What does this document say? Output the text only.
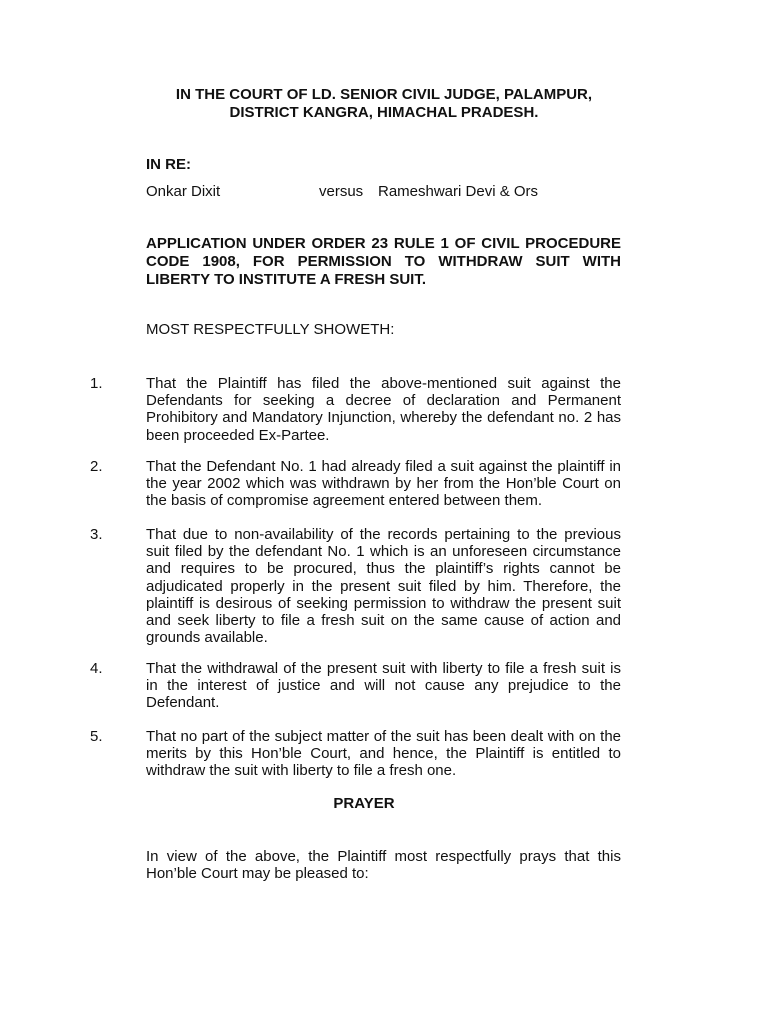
IN THE COURT OF LD. SENIOR CIVIL JUDGE, PALAMPUR,
DISTRICT KANGRA, HIMACHAL PRADESH.
IN RE:
Onkar Dixit	versus Rameshwari Devi & Ors
APPLICATION UNDER ORDER 23 RULE 1 OF CIVIL PROCEDURE CODE 1908, FOR PERMISSION TO WITHDRAW SUIT WITH LIBERTY TO INSTITUTE A FRESH SUIT.
MOST RESPECTFULLY SHOWETH:
1.	That the Plaintiff has filed the above-mentioned suit against the Defendants for seeking a decree of declaration and Permanent Prohibitory and Mandatory Injunction, whereby the defendant no. 2 has been proceeded Ex-Partee.
2.	That the Defendant No. 1 had already filed a suit against the plaintiff in the year 2002 which was withdrawn by her from the Hon’ble Court on the basis of compromise agreement entered between them.
3.	That due to non-availability of the records pertaining to the previous suit filed by the defendant No. 1 which is an unforeseen circumstance and requires to be procured, thus the plaintiff’s rights cannot be adjudicated properly in the present suit filed by him. Therefore, the plaintiff is desirous of seeking permission to withdraw the present suit and seek liberty to file a fresh suit on the same cause of action and grounds available.
4.	That the withdrawal of the present suit with liberty to file a fresh suit is in the interest of justice and will not cause any prejudice to the Defendant.
5.	That no part of the subject matter of the suit has been dealt with on the merits by this Hon’ble Court, and hence, the Plaintiff is entitled to withdraw the suit with liberty to file a fresh one.
PRAYER
In view of the above, the Plaintiff most respectfully prays that this Hon’ble Court may be pleased to:
